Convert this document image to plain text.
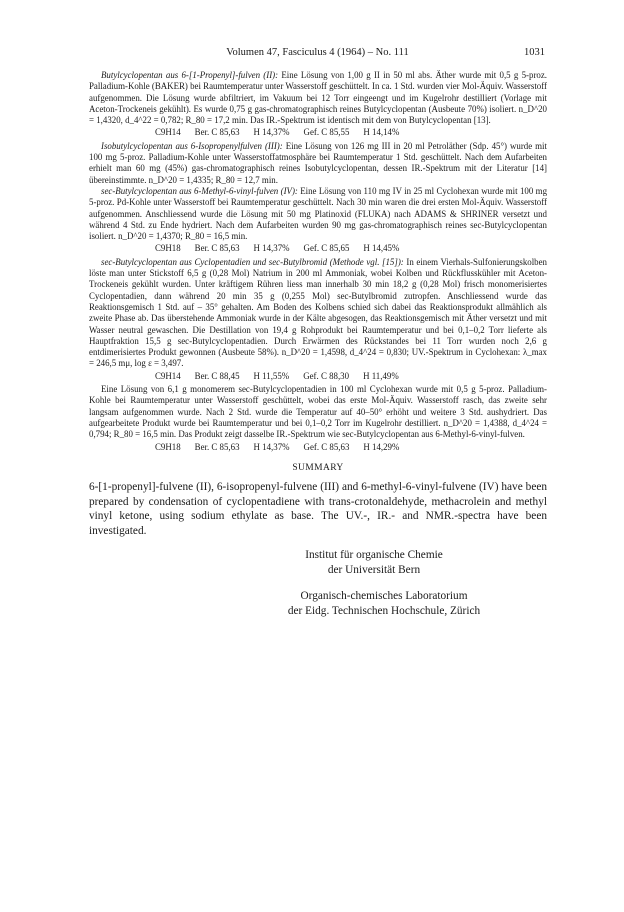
Volumen 47, Fasciculus 4 (1964) – No. 111	1031

Butylcyclopentan aus 6-[1-Propenyl]-fulven (II): Eine Lösung von 1,00 g II in 50 ml abs. Äther wurde mit 0,5 g 5-proz. Palladium-Kohle (BAKER) bei Raumtemperatur unter Wasserstoff geschüttelt. In ca. 1 Std. wurden vier Mol-Äquiv. Wasserstoff aufgenommen. Die Lösung wurde abfiltriert, im Vakuum bei 12 Torr eingeengt und im Kugelrohr destilliert (Vorlage mit Aceton-Trockeneis gekühlt). Es wurde 0,75 g gas-chromatographisch reines Butylcyclopentan (Ausbeute 70%) isoliert. n_D^20 = 1,4320, d_4^22 = 0,782; R_80 = 17,2 min. Das IR.-Spektrum ist identisch mit dem von Butylcyclopentan [13].

C9H14 Ber. C 85,63 H 14,37% Gef. C 85,55 H 14,14%

Isobutylcyclopentan aus 6-Isopropenylfulven (III): Eine Lösung von 126 mg III in 20 ml Petroläther (Sdp. 45°) wurde mit 100 mg 5-proz. Palladium-Kohle unter Wasserstoffatmosphäre bei Raumtemperatur 1 Std. geschüttelt. Nach dem Aufarbeiten erhielt man 60 mg (45%) gas-chromatographisch reines Isobutylcyclopentan, dessen IR.-Spektrum mit der Literatur [14] übereinstimmte. n_D^20 = 1,4335; R_80 = 12,7 min.

sec-Butylcyclopentan aus 6-Methyl-6-vinyl-fulven (IV): Eine Lösung von 110 mg IV in 25 ml Cyclohexan wurde mit 100 mg 5-proz. Pd-Kohle unter Wasserstoff bei Raumtemperatur geschüttelt. Nach 30 min waren die drei ersten Mol-Äquiv. Wasserstoff aufgenommen. Anschliessend wurde die Lösung mit 50 mg Platinoxid (FLUKA) nach ADAMS & SHRINER versetzt und während 4 Std. zu Ende hydriert. Nach dem Aufarbeiten wurden 90 mg gas-chromatographisch reines sec-Butylcyclopentan isoliert. n_D^20 = 1,4370; R_80 = 16,5 min.

C9H18 Ber. C 85,63 H 14,37% Gef. C 85,65 H 14,45%

sec-Butylcyclopentan aus Cyclopentadien und sec-Butylbromid (Methode vgl. [15]): In einem Vierhals-Sulfonierungskolben löste man unter Stickstoff 6,5 g (0,28 Mol) Natrium in 200 ml Ammoniak, wobei Kolben und Rückflusskühler mit Aceton-Trockeneis gekühlt wurden. Unter kräftigem Rühren liess man innerhalb 30 min 18,2 g (0,28 Mol) frisch monomerisiertes Cyclopentadien, dann während 20 min 35 g (0,255 Mol) sec-Butylbromid zutropfen. Anschliessend wurde das Reaktionsgemisch 1 Std. auf – 35° gehalten. Am Boden des Kolbens schied sich dabei das Reaktionsprodukt allmählich als zweite Phase ab. Das überstehende Ammoniak wurde in der Kälte abgesogen, das Reaktionsgemisch mit Äther versetzt und mit Wasser neutral gewaschen. Die Destillation von 19,4 g Rohprodukt bei Raumtemperatur und bei 0,1–0,2 Torr lieferte als Hauptfraktion 15,5 g sec-Butylcyclopentadien. Durch Erwärmen des Rückstandes bei 11 Torr wurden noch 2,6 g entdimerisiertes Produkt gewonnen (Ausbeute 58%). n_D^20 = 1,4598, d_4^24 = 0,830; UV.-Spektrum in Cyclohexan: λ_max = 246,5 mμ, log ε = 3,497.

C9H14 Ber. C 88,45 H 11,55% Gef. C 88,30 H 11,49%

Eine Lösung von 6,1 g monomerem sec-Butylcyclopentadien in 100 ml Cyclohexan wurde mit 0,5 g 5-proz. Palladium-Kohle bei Raumtemperatur unter Wasserstoff geschüttelt, wobei das erste Mol-Äquiv. Wasserstoff rasch, das zweite sehr langsam aufgenommen wurde. Nach 2 Std. wurde die Temperatur auf 40–50° erhöht und weitere 3 Std. aushydriert. Das aufgearbeitete Produkt wurde bei Raumtemperatur und bei 0,1–0,2 Torr im Kugelrohr destilliert. n_D^20 = 1,4388, d_4^24 = 0,794; R_80 = 16,5 min. Das Produkt zeigt dasselbe IR.-Spektrum wie sec-Butylcyclopentan aus 6-Methyl-6-vinyl-fulven.

C9H18 Ber. C 85,63 H 14,37% Gef. C 85,63 H 14,29%
SUMMARY

6-[1-propenyl]-fulvene (II), 6-isopropenyl-fulvene (III) and 6-methyl-6-vinyl-fulvene (IV) have been prepared by condensation of cyclopentadiene with trans-crotonaldehyde, methacrolein and methyl vinyl ketone, using sodium ethylate as base. The UV.-, IR.- and NMR.-spectra have been investigated.

Institut für organische Chemie
der Universität Bern
Organisch-chemisches Laboratorium
der Eidg. Technischen Hochschule, Zürich
